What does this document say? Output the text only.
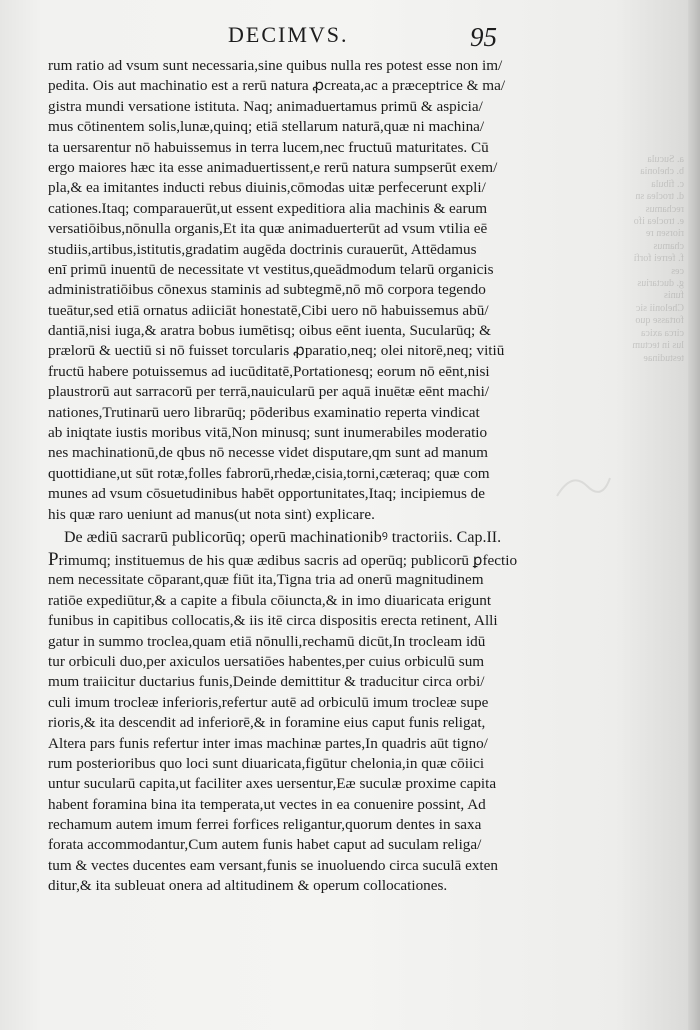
DECIMVS.	95
a. Sucula
b. chelonia
c. fibula
d. troclea sn
rechamus
e. troclea ifo
riorsen re
chamus
f. ferrei forfi
ces
g. ductarius
funis
Chelonii sic
fortasse quo
circa axica
lus in tectum
testudinae
rum ratio ad vsum sunt necessaria,sine quibus nulla res potest esse non im/
pedita. Ois aut machinatio est a rerū natura ꝓcreata,ac a præceptrice & ma/
gistra mundi versatione istituta. Naq; animaduertamus primū & aspicia/
mus cōtinentem solis,lunæ,quinq; etiā stellarum naturā,quæ ni machina/
ta uersarentur nō habuissemus in terra lucem,nec fructuū maturitates. Cū
ergo maiores hæc ita esse animaduertissent,e rerū natura sumpserūt exem/
pla,& ea imitantes inducti rebus diuinis,cōmodas uitæ perfecerunt expli/
cationes.Itaq; comparauerūt,ut essent expeditiora alia machinis & earum
versatiōibus,nōnulla organis,Et ita quæ animaduerterūt ad vsum vtilia eē
studiis,artibus,istitutis,gradatim augēda doctrinis curauerūt, Attēdamus
enī primū inuentū de necessitate vt vestitus,queādmodum telarū organicis
administratiōibus cōnexus staminis ad subtegmē,nō mō corpora tegendo
tueātur,sed etiā ornatus adiiciāt honestatē,Cibi uero nō habuissemus abū/
dantiā,nisi iuga,& aratra bobus iumētisq; oibus eēnt iuenta, Sucularūq; &
prælorū & uectiū si nō fuisset torcularis ꝓparatio,neq; olei nitorē,neq; vitiū
fructū habere potuissemus ad iucūditatē,Portationesq; eorum nō eēnt,nisi
plaustrorū aut sarracorū per terrā,nauicularū per aquā inuētæ eēnt machi/
nationes,Trutinarū uero librarūq; pōderibus examinatio reperta vindicat
ab iniqtate iustis moribus vitā,Non minusq; sunt inumerabiles moderatio
nes machinationū,de qbus nō necesse videt disputare,qm sunt ad manum
quottidiane,ut sūt rotæ,folles fabrorū,rhedæ,cisia,torni,cæteraq; quæ com
munes ad vsum cōsuetudinibus habēt opportunitates,Itaq; incipiemus de
his quæ raro ueniunt ad manus(ut nota sint) explicare.
De ædiū sacrarū publicorūq; operū machinationibꝰ tractoriis. Cap.II.
Primumq; instituemus de his quæ ædibus sacris ad operūq; publicorū ꝑfectio
nem necessitate cōparant,quæ fiūt ita,Tigna tria ad onerū magnitudinem
ratiōe expediūtur,& a capite a fibula cōiuncta,& in imo diuaricata erigunt
funibus in capitibus collocatis,& iis itē circa dispositis erecta retinent, Alli
gatur in summo troclea,quam etiā nōnulli,rechamū dicūt,In trocleam idū
tur orbiculi duo,per axiculos uersatiōes habentes,per cuius orbiculū sum
mum traiicitur ductarius funis,Deinde demittitur & traducitur circa orbi/
culi imum trocleæ inferioris,refertur autē ad orbiculū imum trocleæ supe
rioris,& ita descendit ad inferiorē,& in foramine eius caput funis religat,
Altera pars funis refertur inter imas machinæ partes,In quadris aūt tigno/
rum posterioribus quo loci sunt diuaricata,figūtur chelonia,in quæ cōiici
untur sucularū capita,ut faciliter axes uersentur,Eæ suculæ proxime capita
habent foramina bina ita temperata,ut vectes in ea conuenire possint, Ad
rechamum autem imum ferrei forfices religantur,quorum dentes in saxa
forata accommodantur,Cum autem funis habet caput ad suculam religa/
tum & vectes ducentes eam versant,funis se inuoluendo circa suculā exten
ditur,& ita subleuat onera ad altitudinem & operum collocationes.
